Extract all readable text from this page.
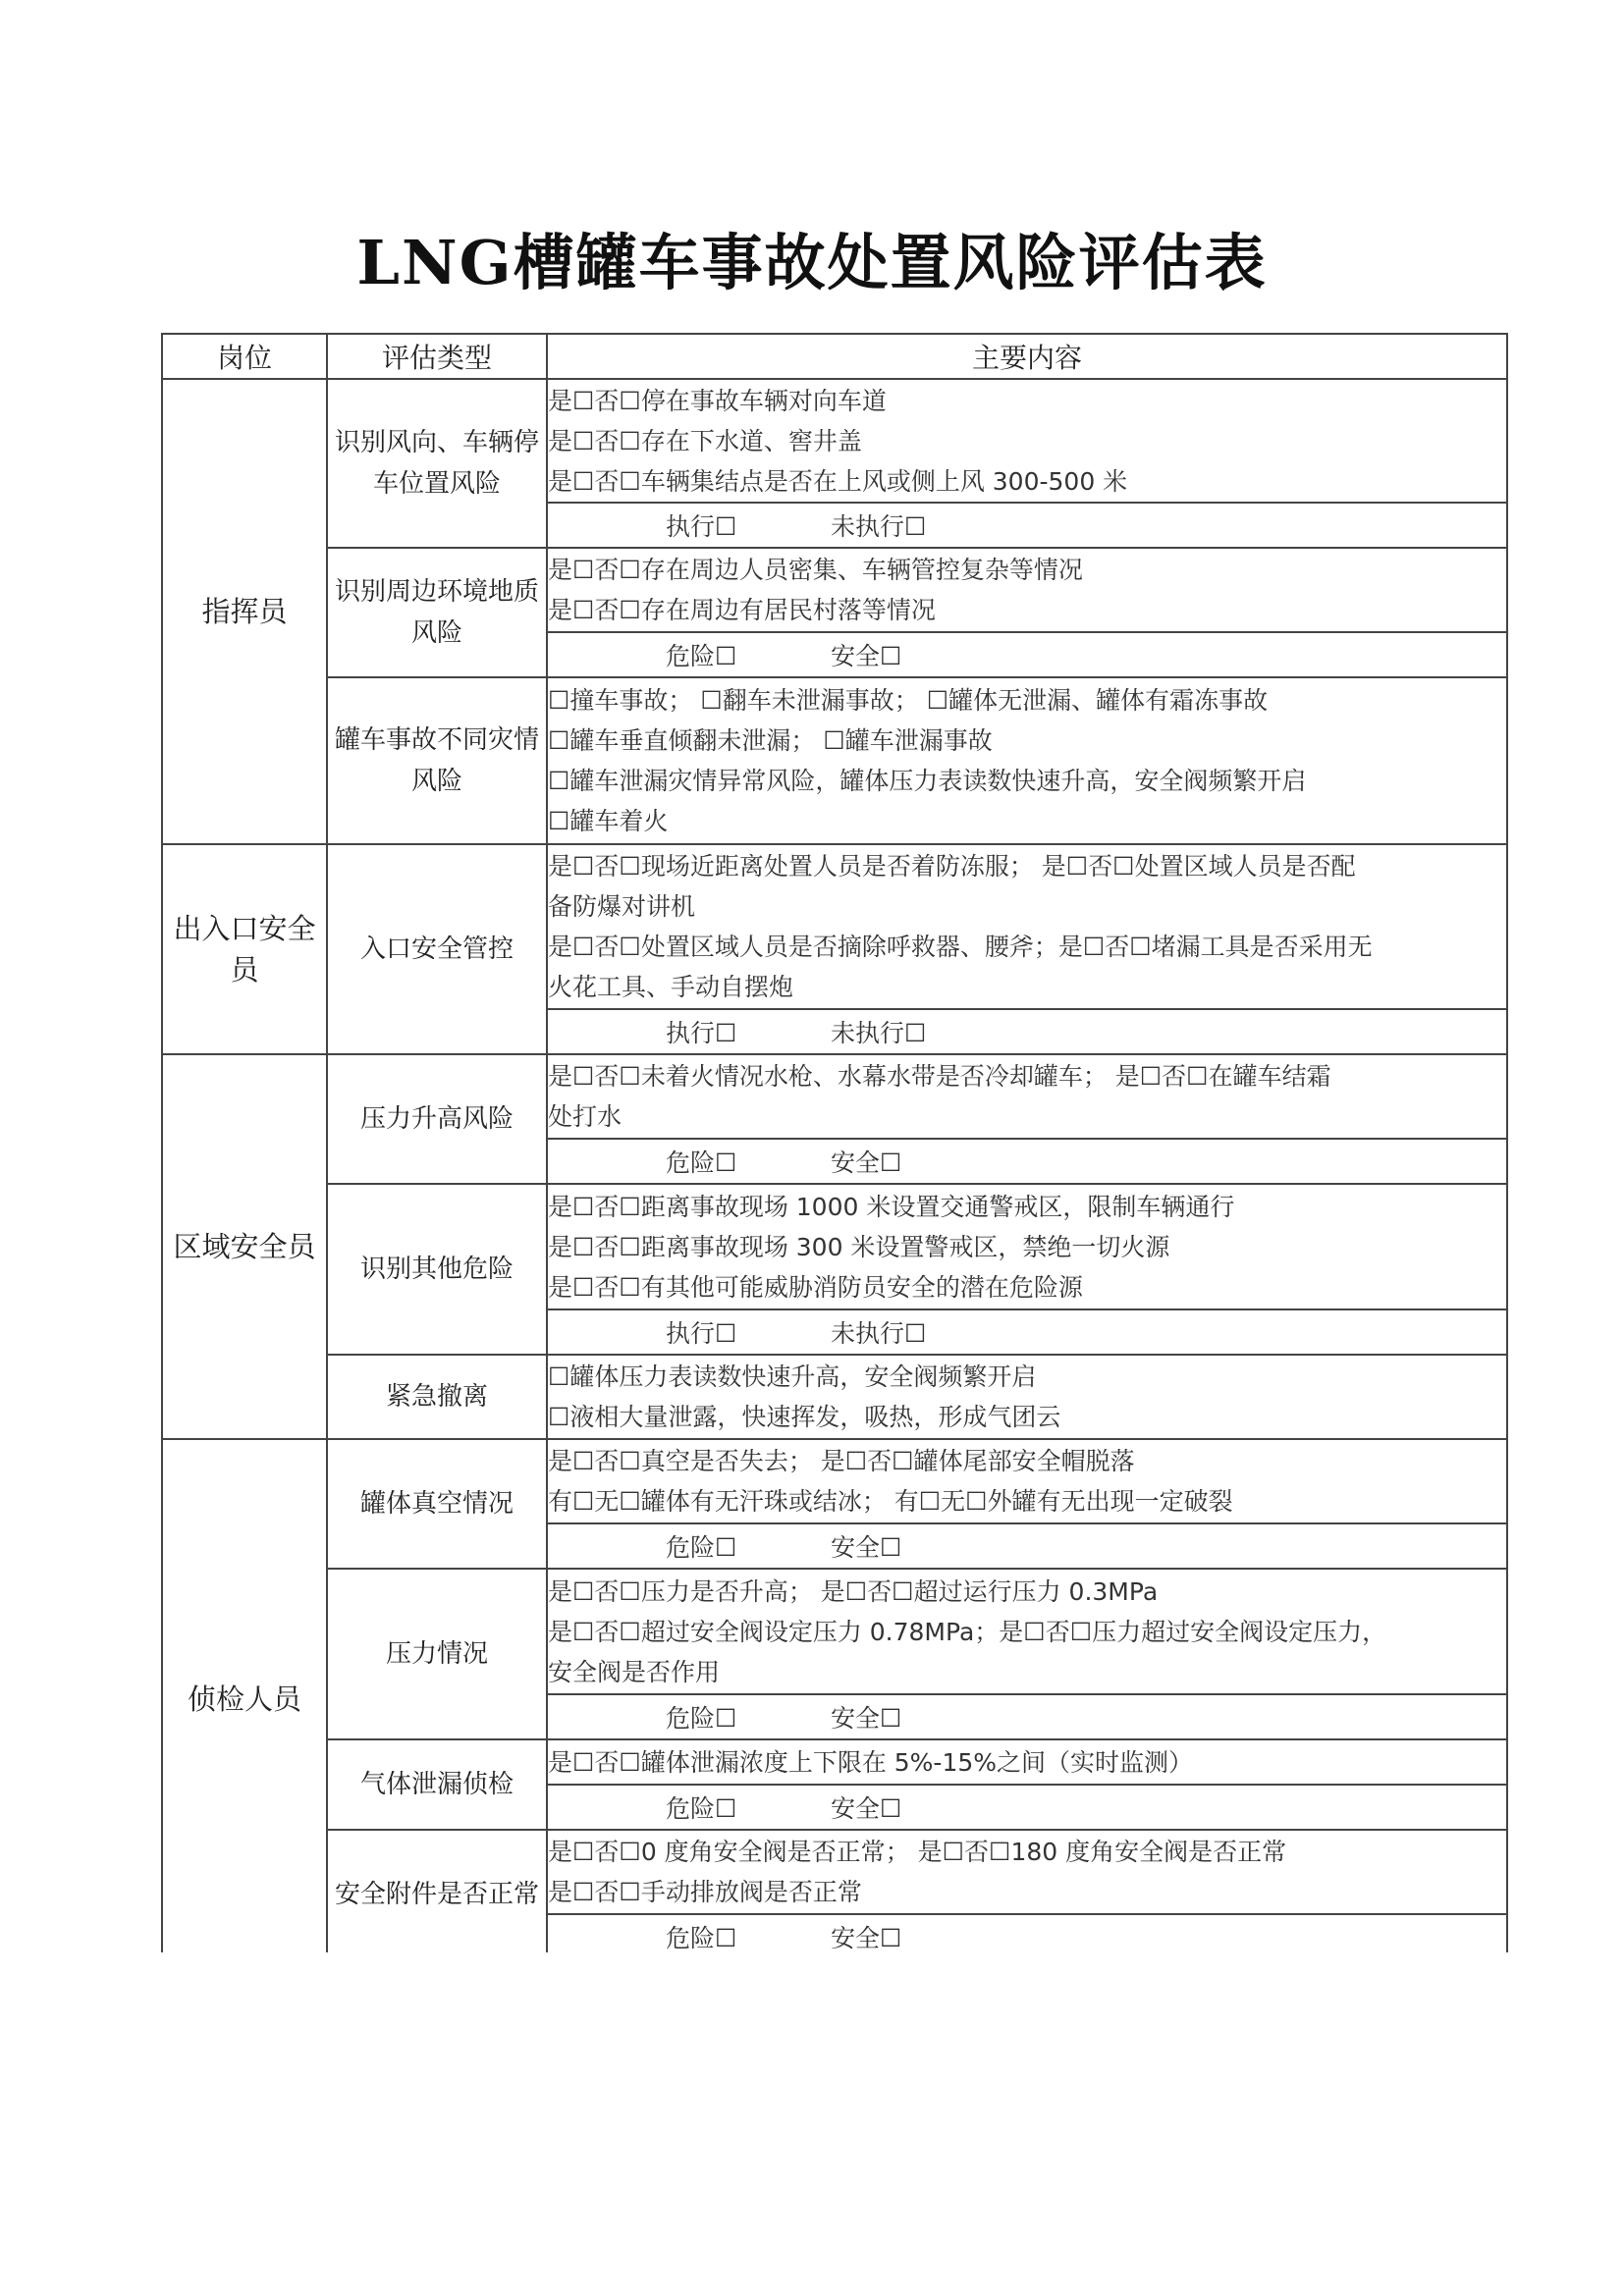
LNG槽罐车事故处置风险评估表
岗位	评估类型	主要内容
指挥员	识别风向、车辆停车位置风险	是☐否☐停在事故车辆对向车道
是☐否☐存在下水道、窖井盖
是☐否☐车辆集结点是否在上风或侧上风 300-500 米

		执行☐ 未执行☐
	识别周边环境地质风险	是☐否☐存在周边人员密集、车辆管控复杂等情况
是☐否☐存在周边有居民村落等情况

		危险☐ 安全☐
	罐车事故不同灾情风险	☐撞车事故； ☐翻车未泄漏事故； ☐罐体无泄漏、罐体有霜冻事故
☐罐车垂直倾翻未泄漏； ☐罐车泄漏事故
☐罐车泄漏灾情异常风险，罐体压力表读数快速升高，安全阀频繁开启
☐罐车着火

出入口安全员	入口安全管控	是☐否☐现场近距离处置人员是否着防冻服； 是☐否☐处置区域人员是否配
备防爆对讲机
是☐否☐处置区域人员是否摘除呼救器、腰斧；是☐否☐堵漏工具是否采用无
火花工具、手动自摆炮

		执行☐ 未执行☐
区域安全员	压力升高风险	是☐否☐未着火情况水枪、水幕水带是否冷却罐车； 是☐否☐在罐车结霜
处打水

		危险☐ 安全☐
	识别其他危险	是☐否☐距离事故现场 1000 米设置交通警戒区，限制车辆通行
是☐否☐距离事故现场 300 米设置警戒区，禁绝一切火源
是☐否☐有其他可能威胁消防员安全的潜在危险源

		执行☐ 未执行☐
	紧急撤离	☐罐体压力表读数快速升高，安全阀频繁开启
☐液相大量泄露，快速挥发，吸热，形成气团云

侦检人员	罐体真空情况	是☐否☐真空是否失去； 是☐否☐罐体尾部安全帽脱落
有☐无☐罐体有无汗珠或结冰； 有☐无☐外罐有无出现一定破裂

		危险☐ 安全☐
	压力情况	是☐否☐压力是否升高； 是☐否☐超过运行压力 0.3MPa
是☐否☐超过安全阀设定压力 0.78MPa；是☐否☐压力超过安全阀设定压力，
安全阀是否作用

		危险☐ 安全☐
	气体泄漏侦检	是☐否☐罐体泄漏浓度上下限在 5%-15%之间（实时监测）

		危险☐ 安全☐
	安全附件是否正常	是☐否☐0 度角安全阀是否正常； 是☐否☐180 度角安全阀是否正常
是☐否☐手动排放阀是否正常

		危险☐ 安全☐
